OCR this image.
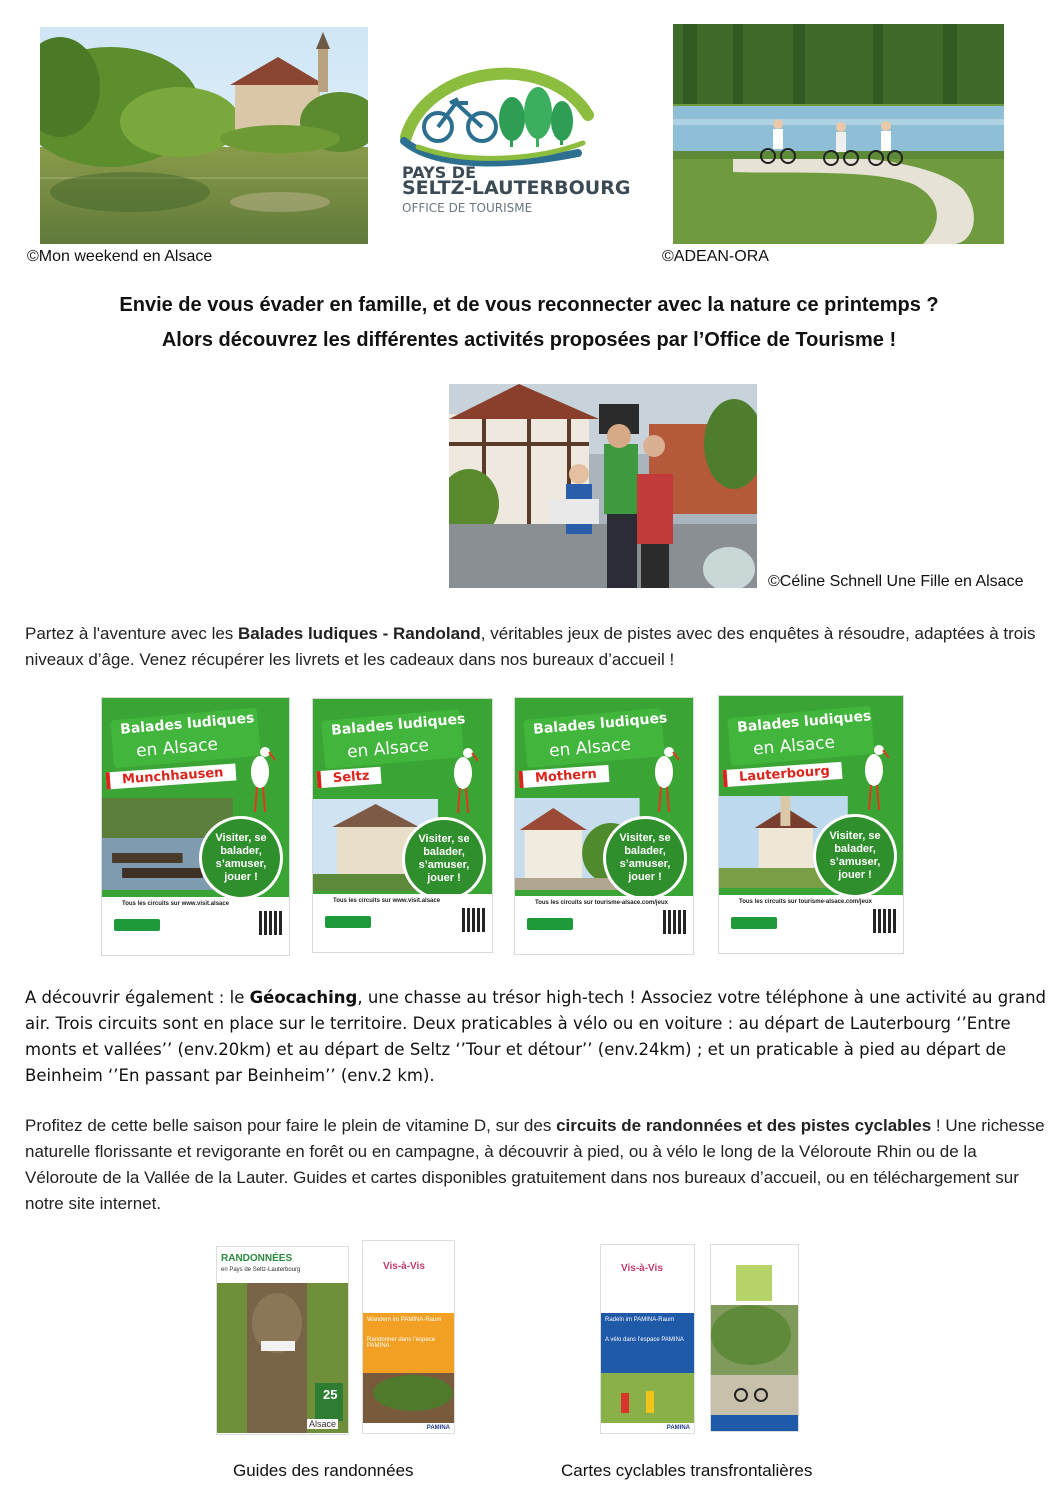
©Mon weekend en Alsace
PAYS DE
SELTZ-LAUTERBOURG
OFFICE DE TOURISME
©ADEAN-ORA
Envie de vous évader en famille, et de vous reconnecter avec la nature ce printemps ?
Alors découvrez les différentes activités proposées par l’Office de Tourisme !
©Céline Schnell Une Fille en Alsace
Partez à l'aventure avec les Balades ludiques - Randoland, véritables jeux de pistes avec des enquêtes à résoudre, adaptées à trois niveaux d’âge. Venez récupérer les livrets et les cadeaux dans nos bureaux d’accueil !
Balades ludiques
en Alsace
Munchhausen
Visiter, se balader, s’amuser, jouer !
Tous les circuits sur www.visit.alsace
Balades ludiques
en Alsace
Seltz
Visiter, se balader, s’amuser, jouer !
Tous les circuits sur www.visit.alsace
Balades ludiques
en Alsace
Mothern
Visiter, se balader, s’amuser, jouer !
Tous les circuits sur tourisme-alsace.com/jeux
Balades ludiques
en Alsace
Lauterbourg
Visiter, se balader, s’amuser, jouer !
Tous les circuits sur tourisme-alsace.com/jeux
A découvrir également : le Géocaching, une chasse au trésor high-tech ! Associez votre téléphone à une activité au grand air. Trois circuits sont en place sur le territoire. Deux praticables à vélo ou en voiture : au départ de Lauterbourg ‘’Entre monts et vallées’’ (env.20km) et au départ de Seltz ‘’Tour et détour’’ (env.24km) ; et un praticable à pied au départ de Beinheim ‘’En passant par Beinheim’’ (env.2 km).
Profitez de cette belle saison pour faire le plein de vitamine D, sur des circuits de randonnées et des pistes cyclables ! Une richesse naturelle florissante et revigorante en forêt ou en campagne, à découvrir à pied, ou à vélo le long de la Véloroute Rhin ou de la Véloroute de la Vallée de la Lauter. Guides et cartes disponibles gratuitement dans nos bureaux d’accueil, ou en téléchargement sur notre site internet.
RANDONNÉES
en Pays de Seltz-Lauterbourg
25
Alsace
Vis-à-Vis
Wandern im PAMINA-Raum
Randonner dans l’espace PAMINA
PAMINA
Vis-à-Vis
Radeln im PAMINA-Raum
A vélo dans l’espace PAMINA
PAMINA
Guides des randonnées	Cartes cyclables transfrontalières
